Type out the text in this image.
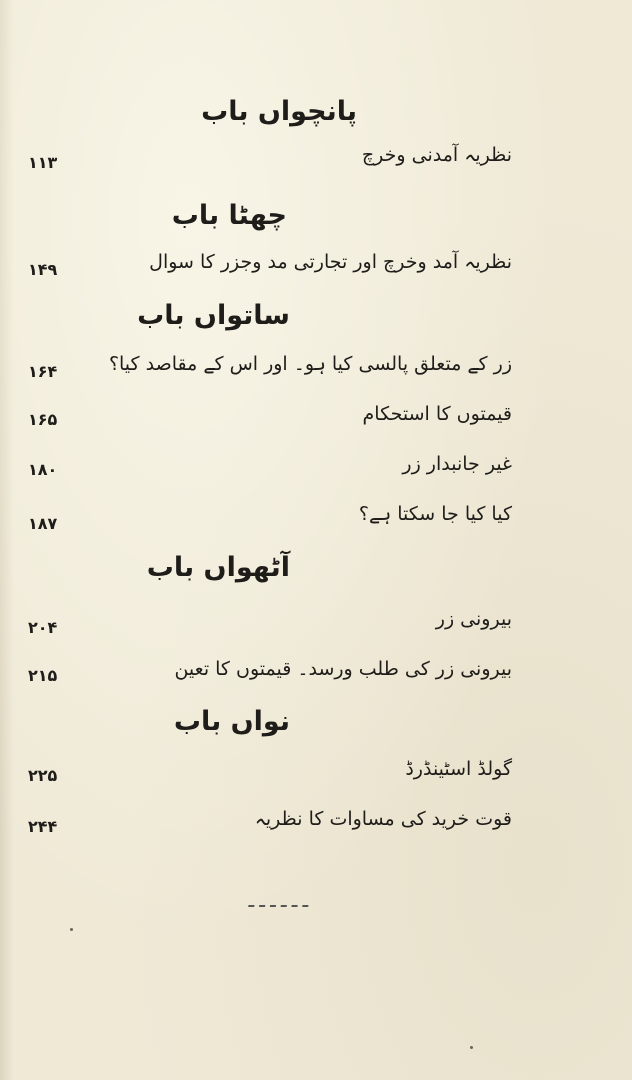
پانچواں باب
نظریہ آمدنی وخرچ
۱۱۳
چھٹا باب
نظریہ آمد وخرچ اور تجارتی مد وجزر کا سوال
۱۴۹
ساتواں باب
زر کے متعلق پالسی کیا ہو۔ اور اس کے مقاصد کیا؟
۱۶۴
قیمتوں کا استحکام
۱۶۵
غیر جانبدار زر
۱۸۰
کیا کیا جا سکتا ہے؟
۱۸۷
آٹھواں باب
بیرونی زر
۲۰۴
بیرونی زر کی طلب ورسد۔ قیمتوں کا تعین
۲۱۵
نواں باب
گولڈ اسٹینڈرڈ
۲۲۵
قوت خرید کی مساوات کا نظریہ
۲۴۴
